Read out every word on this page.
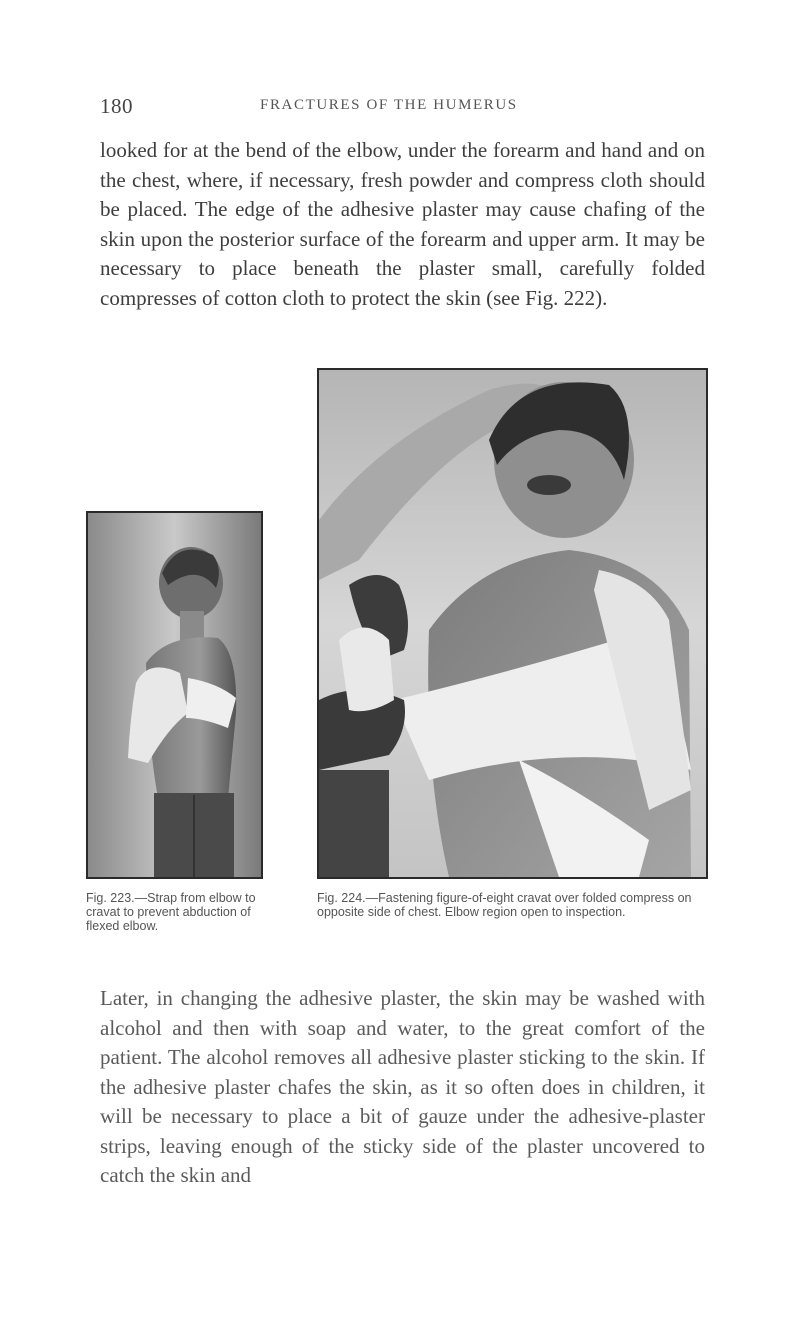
180	FRACTURES OF THE HUMERUS

looked for at the bend of the elbow, under the forearm and hand and on the chest, where, if necessary, fresh powder and compress cloth should be placed. The edge of the adhesive plaster may cause chafing of the skin upon the posterior surface of the forearm and upper arm. It may be necessary to place beneath the plaster small, carefully folded compresses of cotton cloth to protect the skin (see Fig. 222).

Fig. 223.—Strap from elbow to cravat to prevent abduction of flexed elbow.

Fig. 224.—Fastening figure-of-eight cravat over folded compress on opposite side of chest. Elbow region open to inspection.

Later, in changing the adhesive plaster, the skin may be washed with alcohol and then with soap and water, to the great comfort of the patient. The alcohol removes all adhesive plaster sticking to the skin. If the adhesive plaster chafes the skin, as it so often does in children, it will be necessary to place a bit of gauze under the adhesive-plaster strips, leaving enough of the sticky side of the plaster uncovered to catch the skin and
